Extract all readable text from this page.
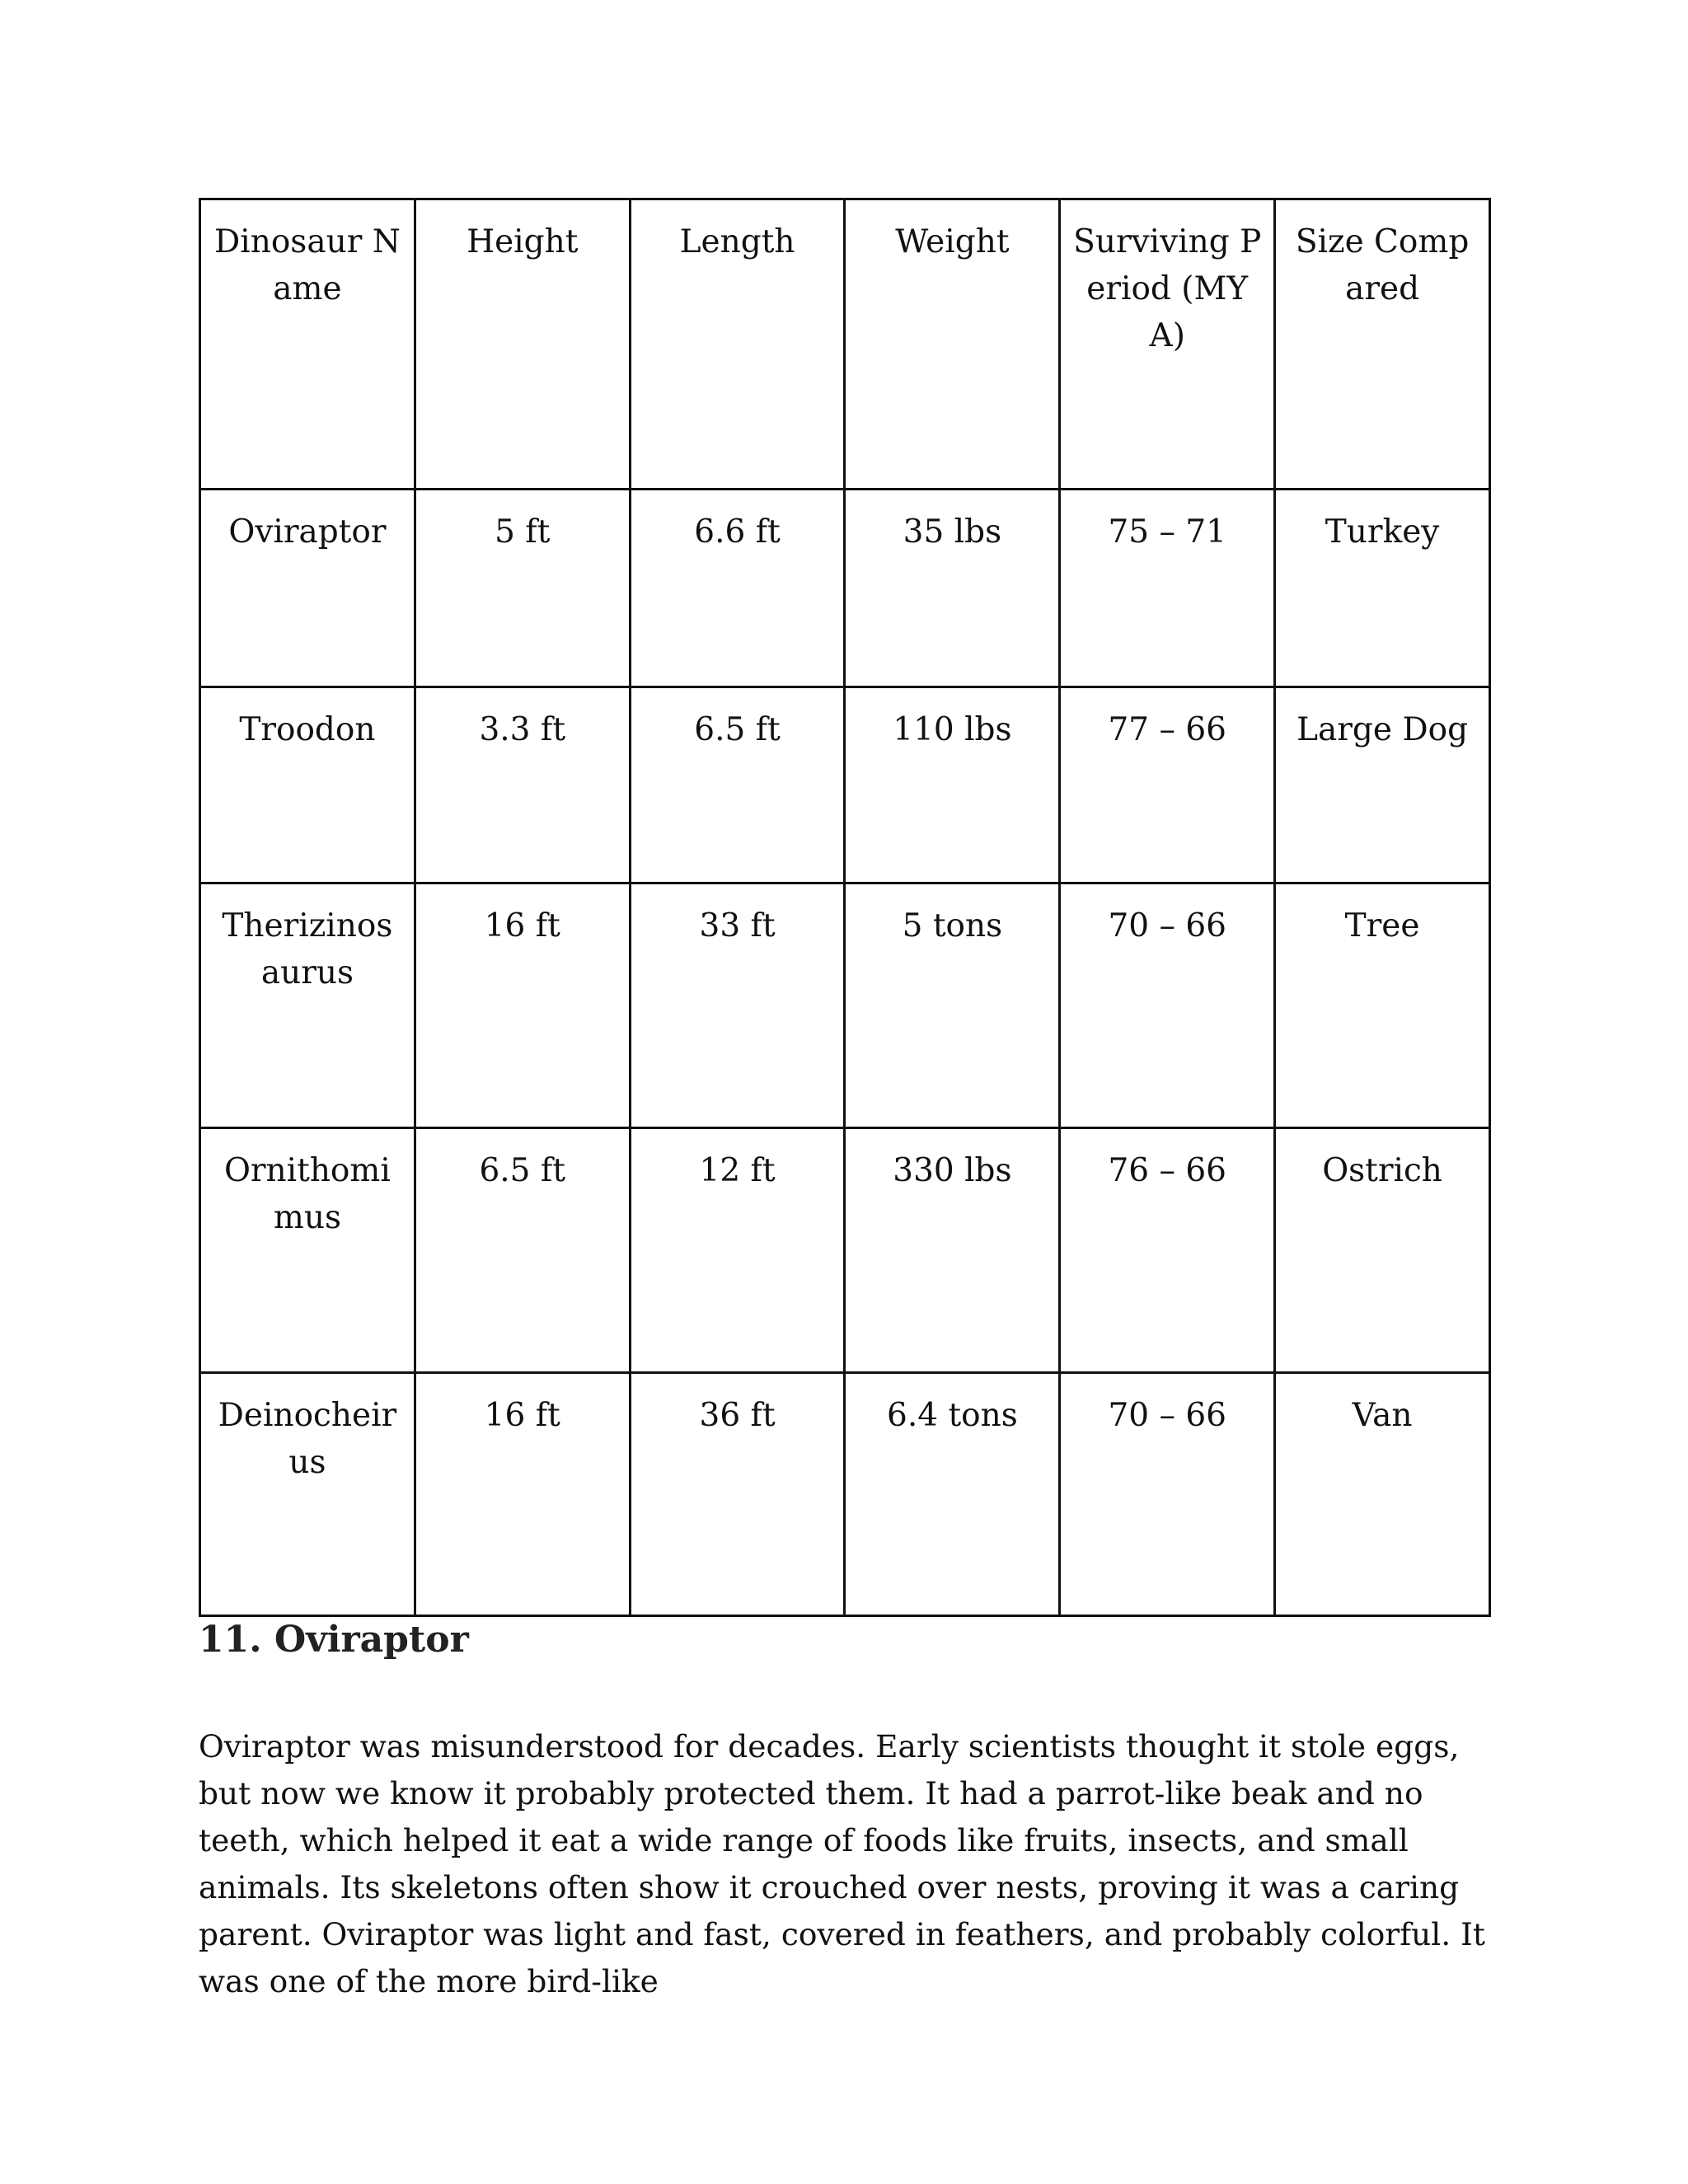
Dinosaur Name	Height	Length	Weight	Surviving Period (MYA)	Size Compared
Oviraptor	5 ft	6.6 ft	35 lbs	75 – 71	Turkey
Troodon	3.3 ft	6.5 ft	110 lbs	77 – 66	Large Dog
Therizinosaurus	16 ft	33 ft	5 tons	70 – 66	Tree
Ornithomimus	6.5 ft	12 ft	330 lbs	76 – 66	Ostrich
Deinocheirus	16 ft	36 ft	6.4 tons	70 – 66	Van
11. Oviraptor

Oviraptor was misunderstood for decades. Early scientists thought it stole eggs, but now we know it probably protected them. It had a parrot-like beak and no teeth, which helped it eat a wide range of foods like fruits, insects, and small animals. Its skeletons often show it crouched over nests, proving it was a caring parent. Oviraptor was light and fast, covered in feathers, and probably colorful. It was one of the more bird-like
